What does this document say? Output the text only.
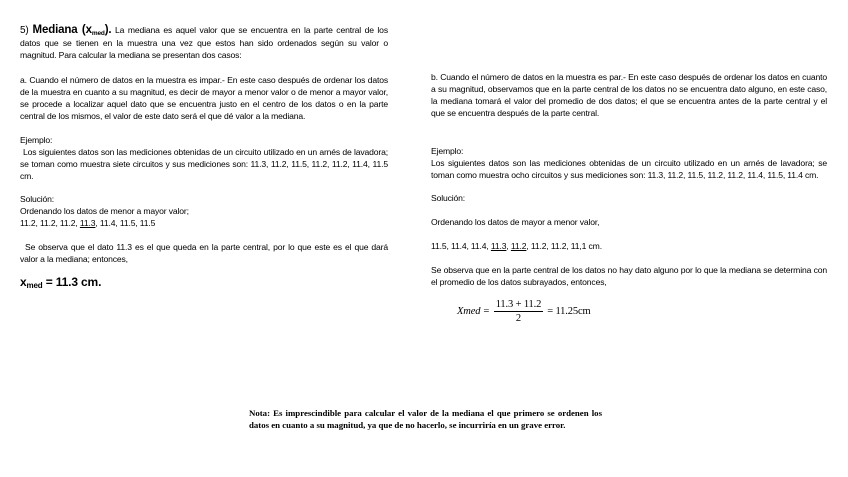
5) Mediana $(x_{med})$. La mediana es aquel valor que se encuentra en la parte central de los datos que se tienen en la muestra una vez que estos han sido ordenados según su valor o magnitud. Para calcular la mediana se presentan dos casos:

a. Cuando el número de datos en la muestra es impar.- En este caso después de ordenar los datos de la muestra en cuanto a su magnitud, es decir de mayor a menor valor o de menor a mayor valor, se procede a localizar aquel dato que se encuentra justo en el centro de los datos o en la parte central de los mismos, el valor de este dato será el que dé valor a la mediana.

Ejemplo:

Los siguientes datos son las mediciones obtenidas de un circuito utilizado en un arnés de lavadora; se toman como muestra siete circuitos y sus mediciones son: 11.3, 11.2, 11.5, 11.2, 11.2, 11.4, 11.5 cm.

Solución:

Ordenando los datos de menor a mayor valor;

11.2, 11.2, 11.2, 11.3, 11.4, 11.5, 11.5

Se observa que el dato 11.3 es el que queda en la parte central, por lo que este es el que dará valor a la mediana; entonces,

$x_{med} = 11.3$ cm.

b. Cuando el número de datos en la muestra es par.- En este caso después de ordenar los datos en cuanto a su magnitud, observamos que en la parte central de los datos no se encuentra dato alguno, en este caso, la mediana tomará el valor del promedio de dos datos; el que se encuentra antes de la parte central y el que se encuentra después de la parte central.

Ejemplo:

Los siguientes datos son las mediciones obtenidas de un circuito utilizado en un arnés de lavadora; se toman como muestra ocho circuitos y sus mediciones son: 11.3, 11.2, 11.5, 11.2, 11.2, 11.4, 11.5, 11.4 cm.

Solución:

Ordenando los datos de mayor a menor valor,

11.5, 11.4, 11.4, 11.3, 11.2, 11.2, 11.2, 11,1 cm.

Se observa que en la parte central de los datos no hay dato alguno por lo que la mediana se determina con el promedio de los datos subrayados, entonces,

Xmed = $\frac{11.3 + 11.2}{2} = 11.25cm$

Nota: Es imprescindible para calcular el valor de la mediana el que primero se ordenen los datos en cuanto a su magnitud, ya que de no hacerlo, se incurriría en un grave error.
